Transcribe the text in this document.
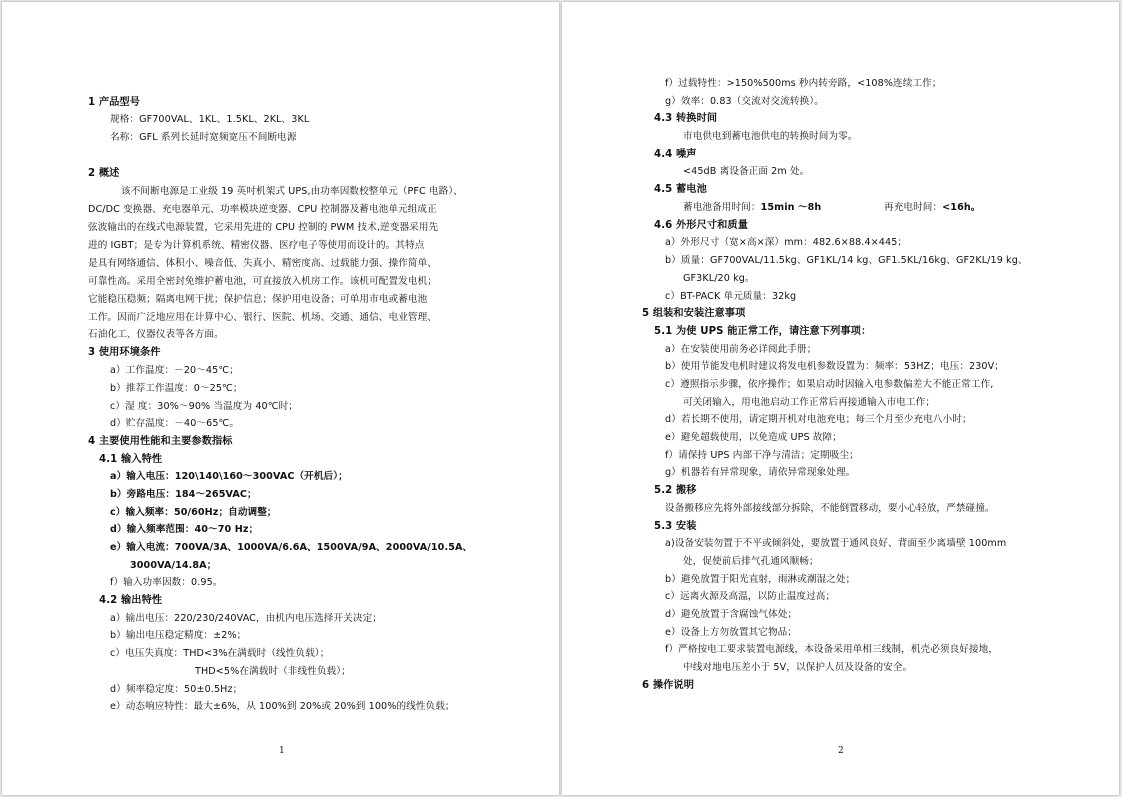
1 产品型号
规格：GF700VAL、1KL、1.5KL、2KL、3KL
名称：GFL 系列长延时宽频宽压不间断电源
2 概述
该不间断电源是工业级 19 英吋机架式 UPS,由功率因数校整单元（PFC 电路）、
DC/DC 变换器、充电器单元、功率模块逆变器、CPU 控制器及蓄电池单元组成正
弦波输出的在线式电源装置，它采用先进的 CPU 控制的 PWM 技术,逆变器采用先
进的 IGBT；是专为计算机系统、精密仪器、医疗电子等使用而设计的。其特点
是具有网络通信、体积小、噪音低、失真小、精密度高、过载能力强、操作简单、
可靠性高。采用全密封免维护蓄电池，可直接放入机房工作。该机可配置发电机；
它能稳压稳频；隔离电网干扰；保护信息；保护用电设备；可单用市电或蓄电池
工作。因而广泛地应用在计算中心、银行、医院、机场、交通、通信、电业管理、
石油化工、仪器仪表等各方面。
3 使用环境条件
a）工作温度：－20～45℃；
b）推荐工作温度：0～25℃；
c）湿 度：30%～90% 当温度为 40℃时；
d）贮存温度：－40～65℃。
4 主要使用性能和主要参数指标
4.1 输入特性
a）输入电压：120\140\160～300VAC（开机后）；
b）旁路电压：184～265VAC；
c）输入频率：50/60Hz；自动调整；
d）输入频率范围：40～70 Hz；
e）输入电流：700VA/3A、1000VA/6.6A、1500VA/9A、2000VA/10.5A、
3000VA/14.8A；
f）输入功率因数：0.95。
4.2 输出特性
a）输出电压：220/230/240VAC，由机内电压选择开关决定；
b）输出电压稳定精度：±2%；
c）电压失真度：THD<3%在满载时（线性负载）；
THD<5%在满载时（非线性负载）；
d）频率稳定度：50±0.5Hz；
e）动态响应特性：最大±6%，从 100%到 20%或 20%到 100%的线性负载；
1
f）过载特性：>150%500ms 秒内转旁路，<108%连续工作；
g）效率：0.83（交流对交流转换）。
4.3 转换时间
市电供电到蓄电池供电的转换时间为零。
4.4 噪声
<45dB 离设备正面 2m 处。
4.5 蓄电池
蓄电池备用时间：15min ～8h	再充电时间：<16h。
4.6 外形尺寸和质量
a）外形尺寸（宽×高×深）mm：482.6×88.4×445；
b）质量：GF700VAL/11.5kg、GF1KL/14 kg、GF1.5KL/16kg、GF2KL/19 kg、
GF3KL/20 kg。
c）BT-PACK 单元质量：32kg
5 组装和安装注意事项
5.1 为使 UPS 能正常工作，请注意下列事项：
a）在安装使用前务必详阅此手册；
b）使用节能发电机时建议将发电机参数设置为：频率：53HZ；电压：230V；
c）遵照指示步骤，依序操作；如果启动时因输入电参数偏差大不能正常工作,
可关闭输入，用电池启动工作正常后再接通输入市电工作；
d）若长期不使用，请定期开机对电池充电；每三个月至少充电八小时；
e）避免超载使用，以免造成 UPS 故障；
f）请保持 UPS 内部干净与清洁；定期吸尘；
g）机器若有异常现象，请依异常现象处理。
5.2 搬移
设备搬移应先将外部接线部分拆除，不能倒置移动，要小心轻放，严禁碰撞。
5.3 安装
a)设备安装勿置于不平或倾斜处，要放置于通风良好、背面至少离墙壁 100mm
处，促使前后排气孔通风顺畅；
b）避免放置于阳光直射，雨淋或潮湿之处；
c）远离火源及高温，以防止温度过高；
d）避免放置于含腐蚀气体处；
e）设备上方勿放置其它物品；
f）严格按电工要求装置电源线，本设备采用单相三线制，机壳必须良好接地，
中线对地电压差小于 5V，以保护人员及设备的安全。
6 操作说明
2
